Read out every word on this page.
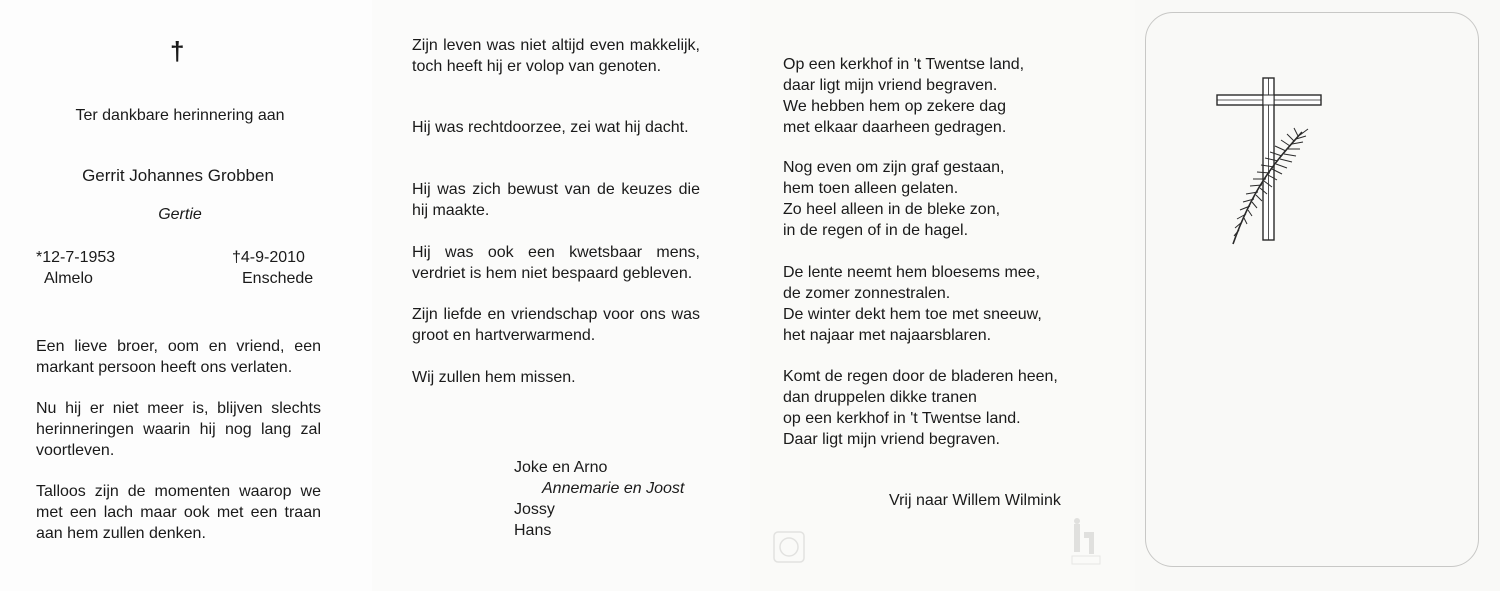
†
Ter dankbare herinnering aan
Gerrit Johannes Grobben
Gertie
*12-7-1953
Almelo
†4-9-2010
Enschede

Een lieve broer, oom en vriend, een markant persoon heeft ons verlaten.

Nu hij er niet meer is, blijven slechts herinneringen waarin hij nog lang zal voortleven.

Talloos zijn de momenten waarop we met een lach maar ook met een traan aan hem zullen denken.

Zijn leven was niet altijd even makkelijk, toch heeft hij er volop van genoten.

Hij was rechtdoorzee, zei wat hij dacht.

Hij was zich bewust van de keuzes die hij maakte.

Hij was ook een kwetsbaar mens, verdriet is hem niet bespaard gebleven.

Zijn liefde en vriendschap voor ons was groot en hartverwarmend.

Wij zullen hem missen.

Joke en Arno
Annemarie en Joost
Jossy
Hans
Op een kerkhof in 't Twentse land,
daar ligt mijn vriend begraven.
We hebben hem op zekere dag
met elkaar daarheen gedragen.
Nog even om zijn graf gestaan,
hem toen alleen gelaten.
Zo heel alleen in de bleke zon,
in de regen of in de hagel.
De lente neemt hem bloesems mee,
de zomer zonnestralen.
De winter dekt hem toe met sneeuw,
het najaar met najaarsblaren.
Komt de regen door de bladeren heen,
dan druppelen dikke tranen
op een kerkhof in 't Twentse land.
Daar ligt mijn vriend begraven.
Vrij naar Willem Wilmink
